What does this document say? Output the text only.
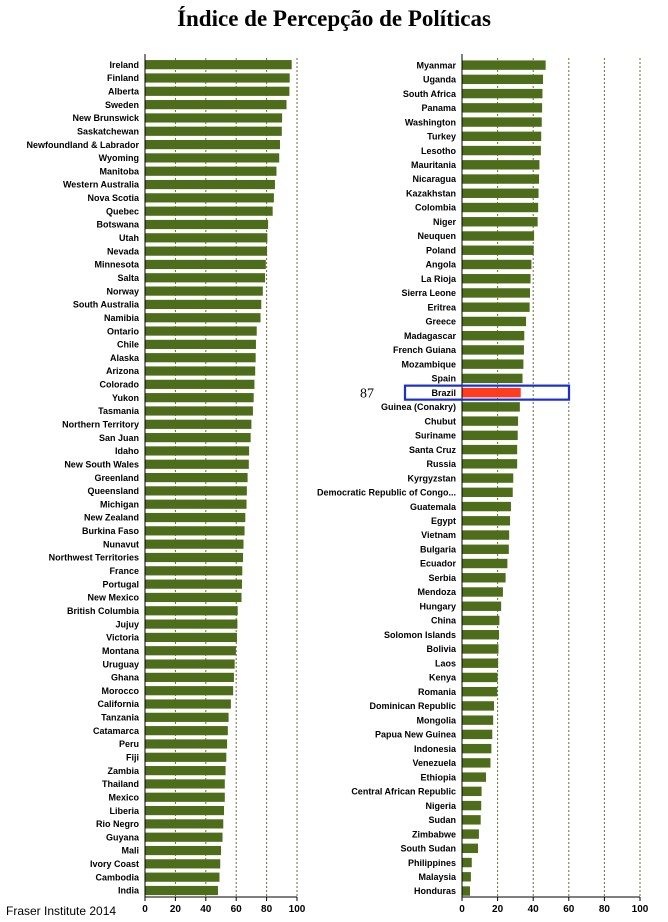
Índice de Percepção de Políticas
Ireland
Finland
Alberta
Sweden
New Brunswick
Saskatchewan
Newfoundland & Labrador
Wyoming
Manitoba
Western Australia
Nova Scotia
Quebec
Botswana
Utah
Nevada
Minnesota
Salta
Norway
South Australia
Namibia
Ontario
Chile
Alaska
Arizona
Colorado
Yukon
Tasmania
Northern Territory
San Juan
Idaho
New South Wales
Greenland
Queensland
Michigan
New Zealand
Burkina Faso
Nunavut
Northwest Territories
France
Portugal
New Mexico
British Columbia
Jujuy
Victoria
Montana
Uruguay
Ghana
Morocco
California
Tanzania
Catamarca
Peru
Fiji
Zambia
Thailand
Mexico
Liberia
Rio Negro
Guyana
Mali
Ivory Coast
Cambodia
India
0 20 40 60 80 100
Myanmar
Uganda
South Africa
Panama
Washington
Turkey
Lesotho
Mauritania
Nicaragua
Kazakhstan
Colombia
Niger
Neuquen
Poland
Angola
La Rioja
Sierra Leone
Eritrea
Greece
Madagascar
French Guiana
Mozambique
Spain
Brazil
Guinea (Conakry)
Chubut
Suriname
Santa Cruz
Russia
Kyrgyzstan
Democratic Republic of Congo...
Guatemala
Egypt
Vietnam
Bulgaria
Ecuador
Serbia
Mendoza
Hungary
China
Solomon Islands
Bolivia
Laos
Kenya
Romania
Dominican Republic
Mongolia
Papua New Guinea
Indonesia
Venezuela
Ethiopia
Central African Republic
Nigeria
Sudan
Zimbabwe
South Sudan
Philippines
Malaysia
Honduras
0	20 40 60 80 100
87
Fraser Institute 2014
